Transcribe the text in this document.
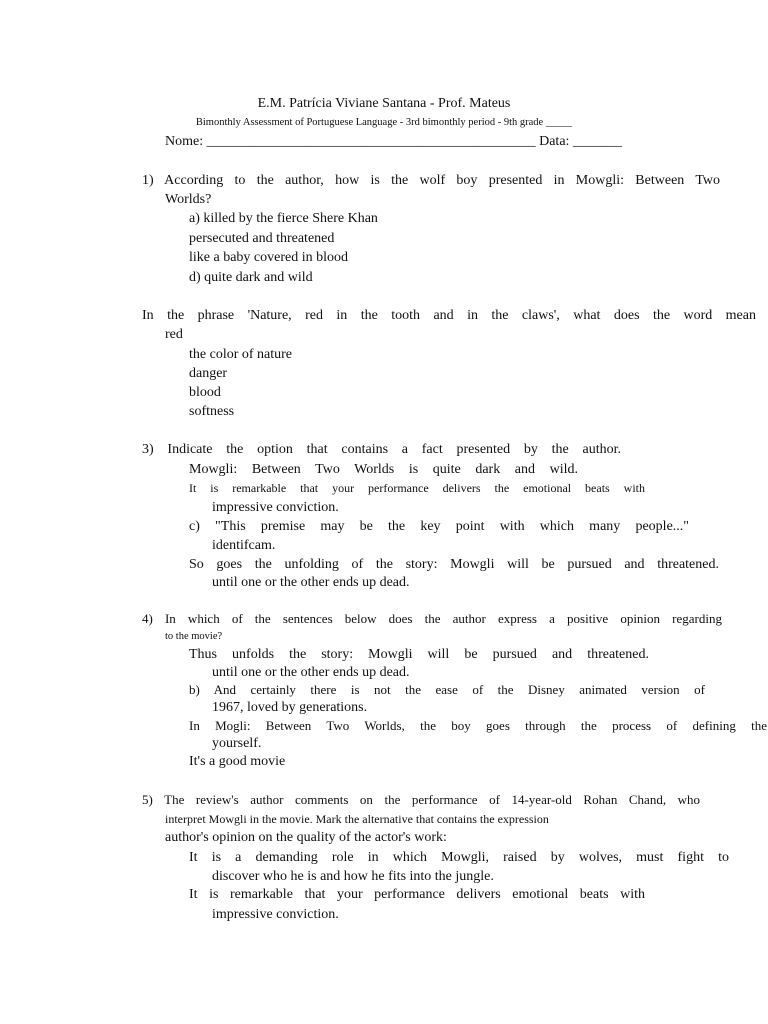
E.M. Patrícia Viviane Santana - Prof. Mateus
Bimonthly Assessment of Portuguese Language - 3rd bimonthly period - 9th grade _____
Nome: _______________________________________________ Data: _______
1) According to the author, how is the wolf boy presented in Mowgli: Between Two
Worlds?
a) killed by the fierce Shere Khan
persecuted and threatened
like a baby covered in blood
d) quite dark and wild
In the phrase 'Nature, red in the tooth and in the claws', what does the word mean
red
the color of nature
danger
blood
softness
3) Indicate the option that contains a fact presented by the author.
Mowgli: Between Two Worlds is quite dark and wild.
It is remarkable that your performance delivers the emotional beats with
impressive conviction.
c) "This premise may be the key point with which many people..."
identifcam.
So goes the unfolding of the story: Mowgli will be pursued and threatened.
until one or the other ends up dead.
4) In which of the sentences below does the author express a positive opinion regarding
to the movie?
Thus unfolds the story: Mowgli will be pursued and threatened.
until one or the other ends up dead.
b) And certainly there is not the ease of the Disney animated version of
1967, loved by generations.
In Mogli: Between Two Worlds, the boy goes through the process of defining the
yourself.
It's a good movie
5) The review's author comments on the performance of 14-year-old Rohan Chand, who
interpret Mowgli in the movie. Mark the alternative that contains the expression
author's opinion on the quality of the actor's work:
It is a demanding role in which Mowgli, raised by wolves, must fight to
discover who he is and how he fits into the jungle.
It is remarkable that your performance delivers emotional beats with
impressive conviction.
